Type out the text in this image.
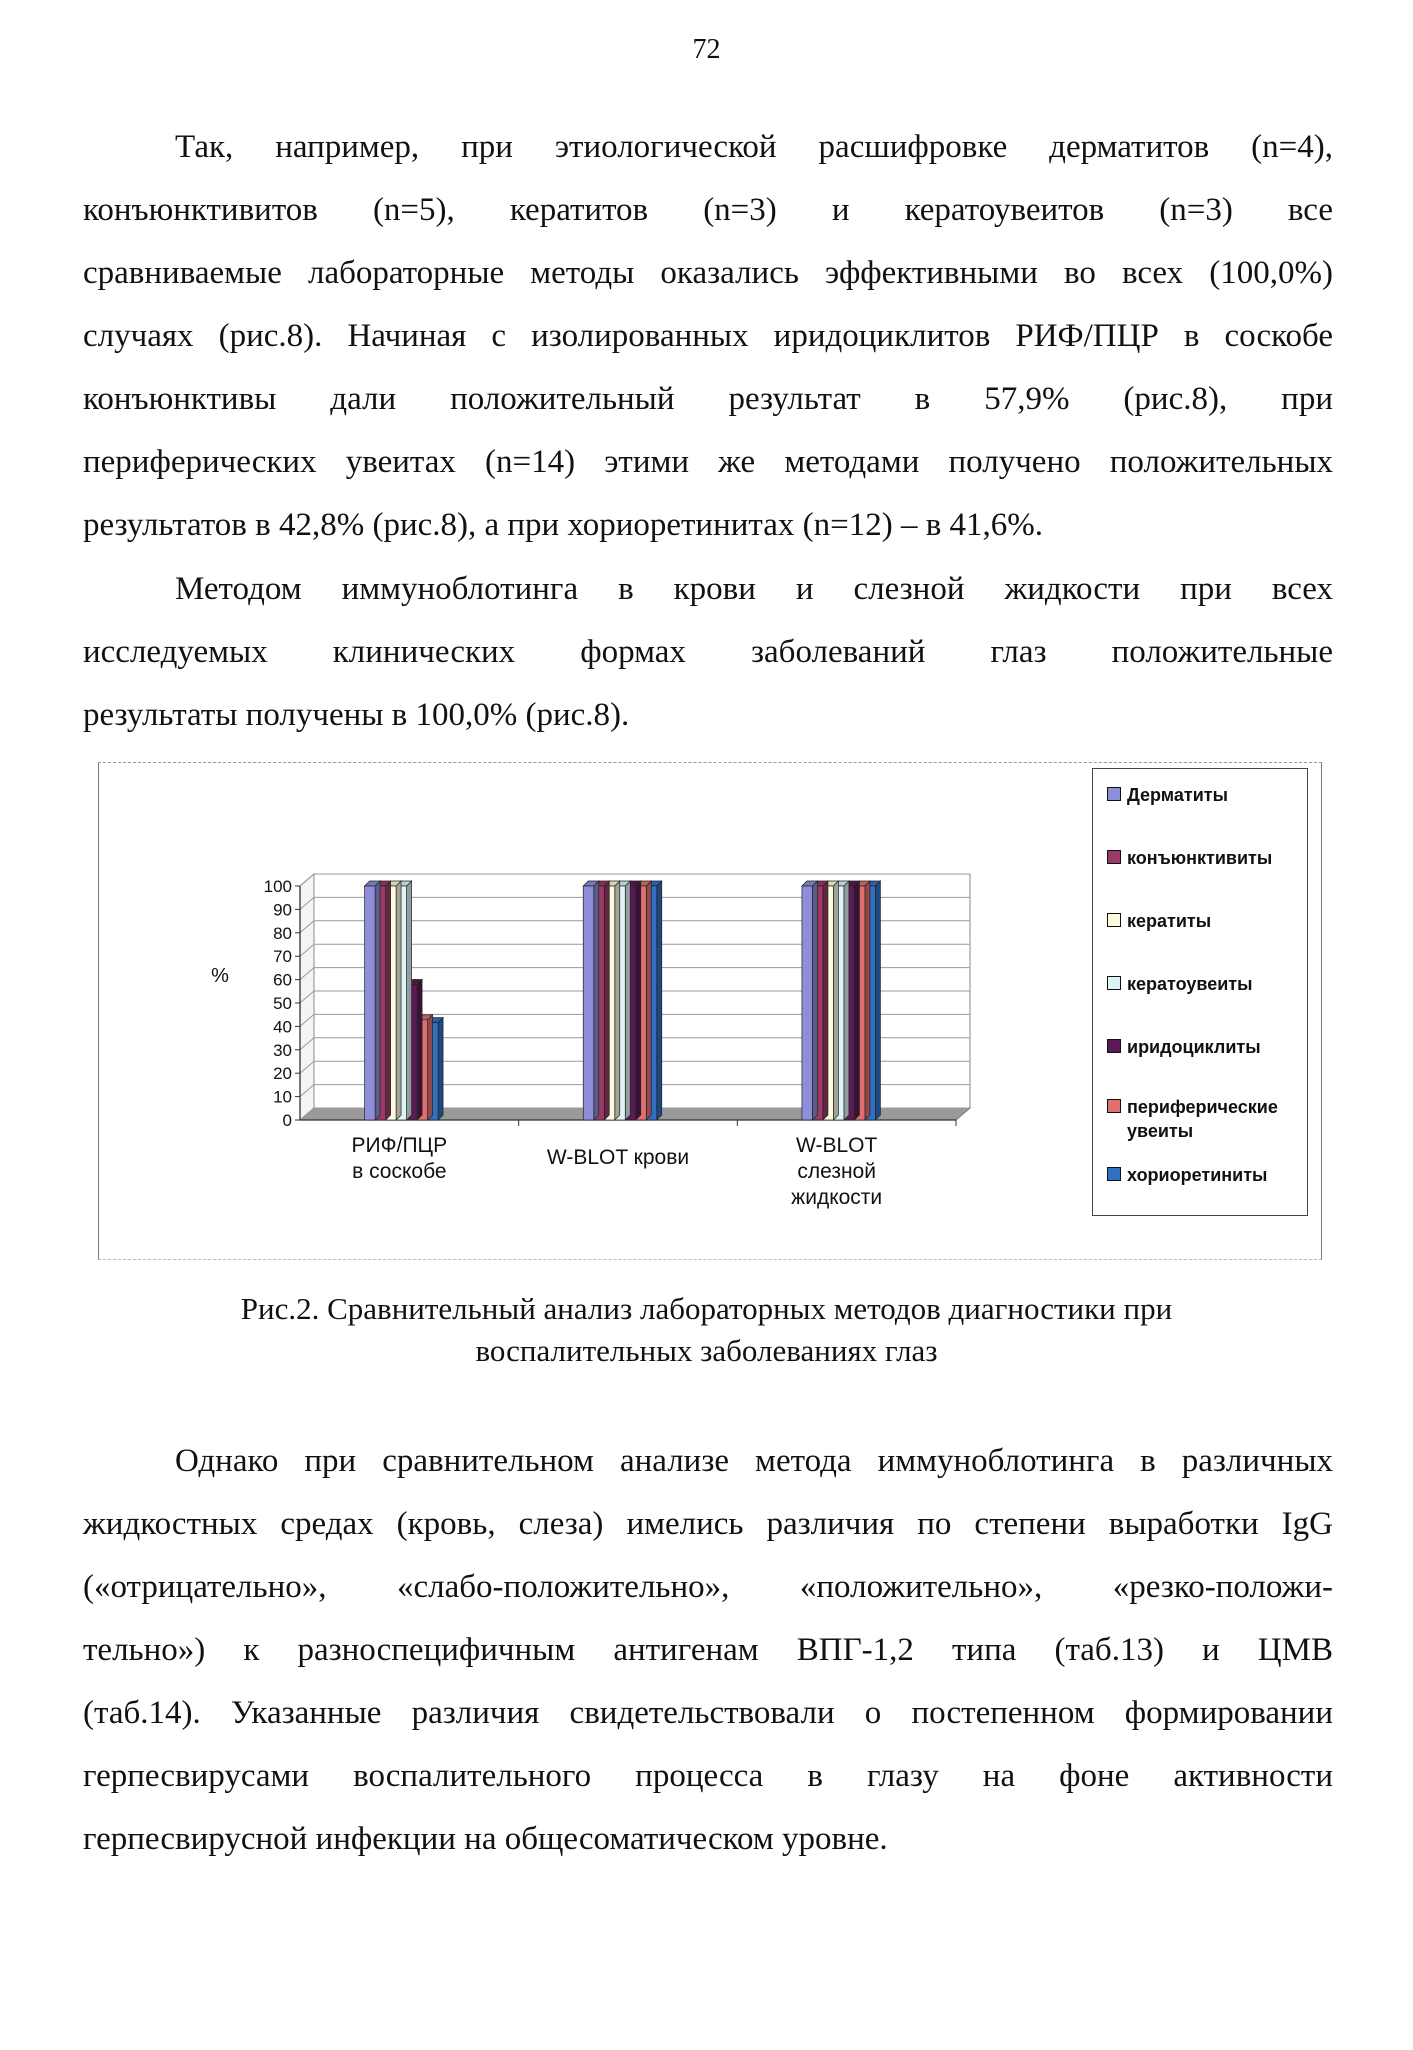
72
Так, например, при этиологической расшифровке дерматитов (n=4),
конъюнктивитов (n=5), кератитов (n=3) и кератоувеитов (n=3) все
сравниваемые лабораторные методы оказались эффективными во всех (100,0%)
случаях (рис.8). Начиная с изолированных иридоциклитов РИФ/ПЦР в соскобе
конъюнктивы дали положительный результат в 57,9% (рис.8), при
периферических увеитах (n=14) этими же методами получено положительных
результатов в 42,8% (рис.8), а при хориоретинитах (n=12) – в 41,6%.
Методом иммуноблотинга в крови и слезной жидкости при всех
исследуемых клинических формах заболеваний глаз положительные
результаты получены в 100,0% (рис.8).
0
10
20
30
40
50
60
70
80
90
100
%
РИФ/ПЦР
в соскобе
W-BLOT крови
W-BLOT
слезной
жидкости
Дерматиты
конъюнктивиты
кератиты
кератоувеиты
иридоциклиты
периферические увеиты
хориоретиниты
Рис.2. Сравнительный анализ лабораторных методов диагностики при
воспалительных заболеваниях глаз
Однако при сравнительном анализе метода иммуноблотинга в различных
жидкостных средах (кровь, слеза) имелись различия по степени выработки IgG
(«отрицательно», «слабо-положительно», «положительно», «резко-положи-
тельно») к разноспецифичным антигенам ВПГ-1,2 типа (таб.13) и ЦМВ
(таб.14). Указанные различия свидетельствовали о постепенном формировании
герпесвирусами воспалительного процесса в глазу на фоне активности
герпесвирусной инфекции на общесоматическом уровне.
